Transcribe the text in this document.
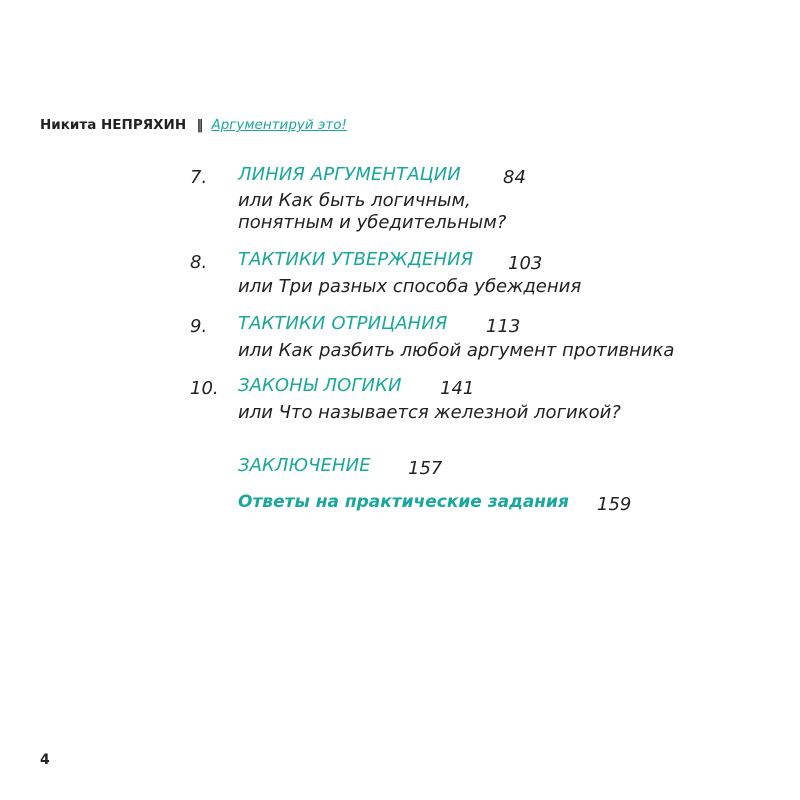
Никита НЕПРЯХИН ‖ Аргументируй это!
7. ЛИНИЯ АРГУМЕНТАЦИИ 84
или Как быть логичным,
понятным и убедительным?
8. ТАКТИКИ УТВЕРЖДЕНИЯ 103
или Три разных способа убеждения
9. ТАКТИКИ ОТРИЦАНИЯ 113
или Как разбить любой аргумент противника
10. ЗАКОНЫ ЛОГИКИ 141
или Что называется железной логикой?
ЗАКЛЮЧЕНИЕ 157
Ответы на практические задания 159
4
